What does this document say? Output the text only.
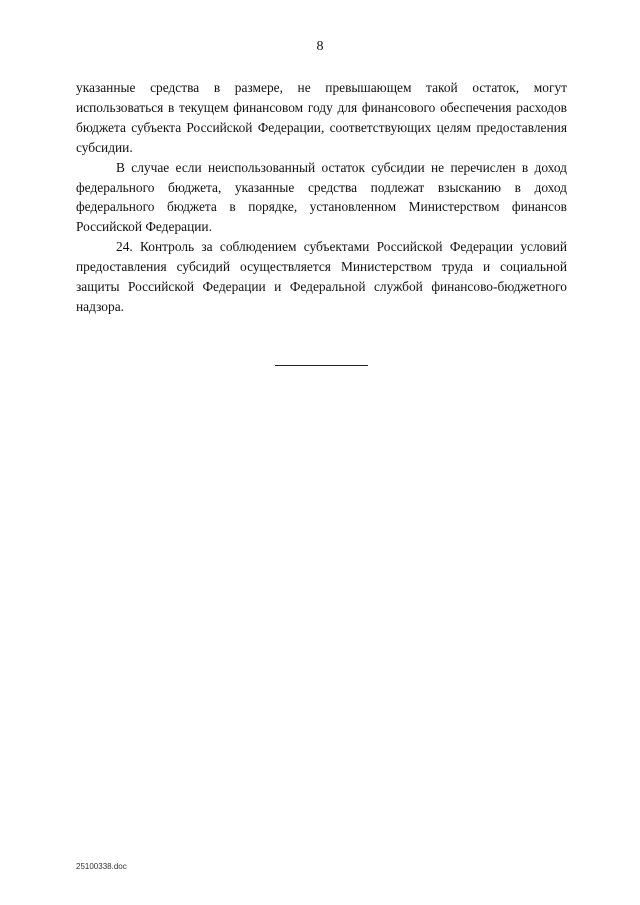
8

указанные средства в размере, не превышающем такой остаток, могут использоваться в текущем финансовом году для финансового обеспечения расходов бюджета субъекта Российской Федерации, соответствующих целям предоставления субсидии.

В случае если неиспользованный остаток субсидии не перечислен в доход федерального бюджета, указанные средства подлежат взысканию в доход федерального бюджета в порядке, установленном Министерством финансов Российской Федерации.

24. Контроль за соблюдением субъектами Российской Федерации условий предоставления субсидий осуществляется Министерством труда и социальной защиты Российской Федерации и Федеральной службой финансово-бюджетного надзора.

25100338.doc
